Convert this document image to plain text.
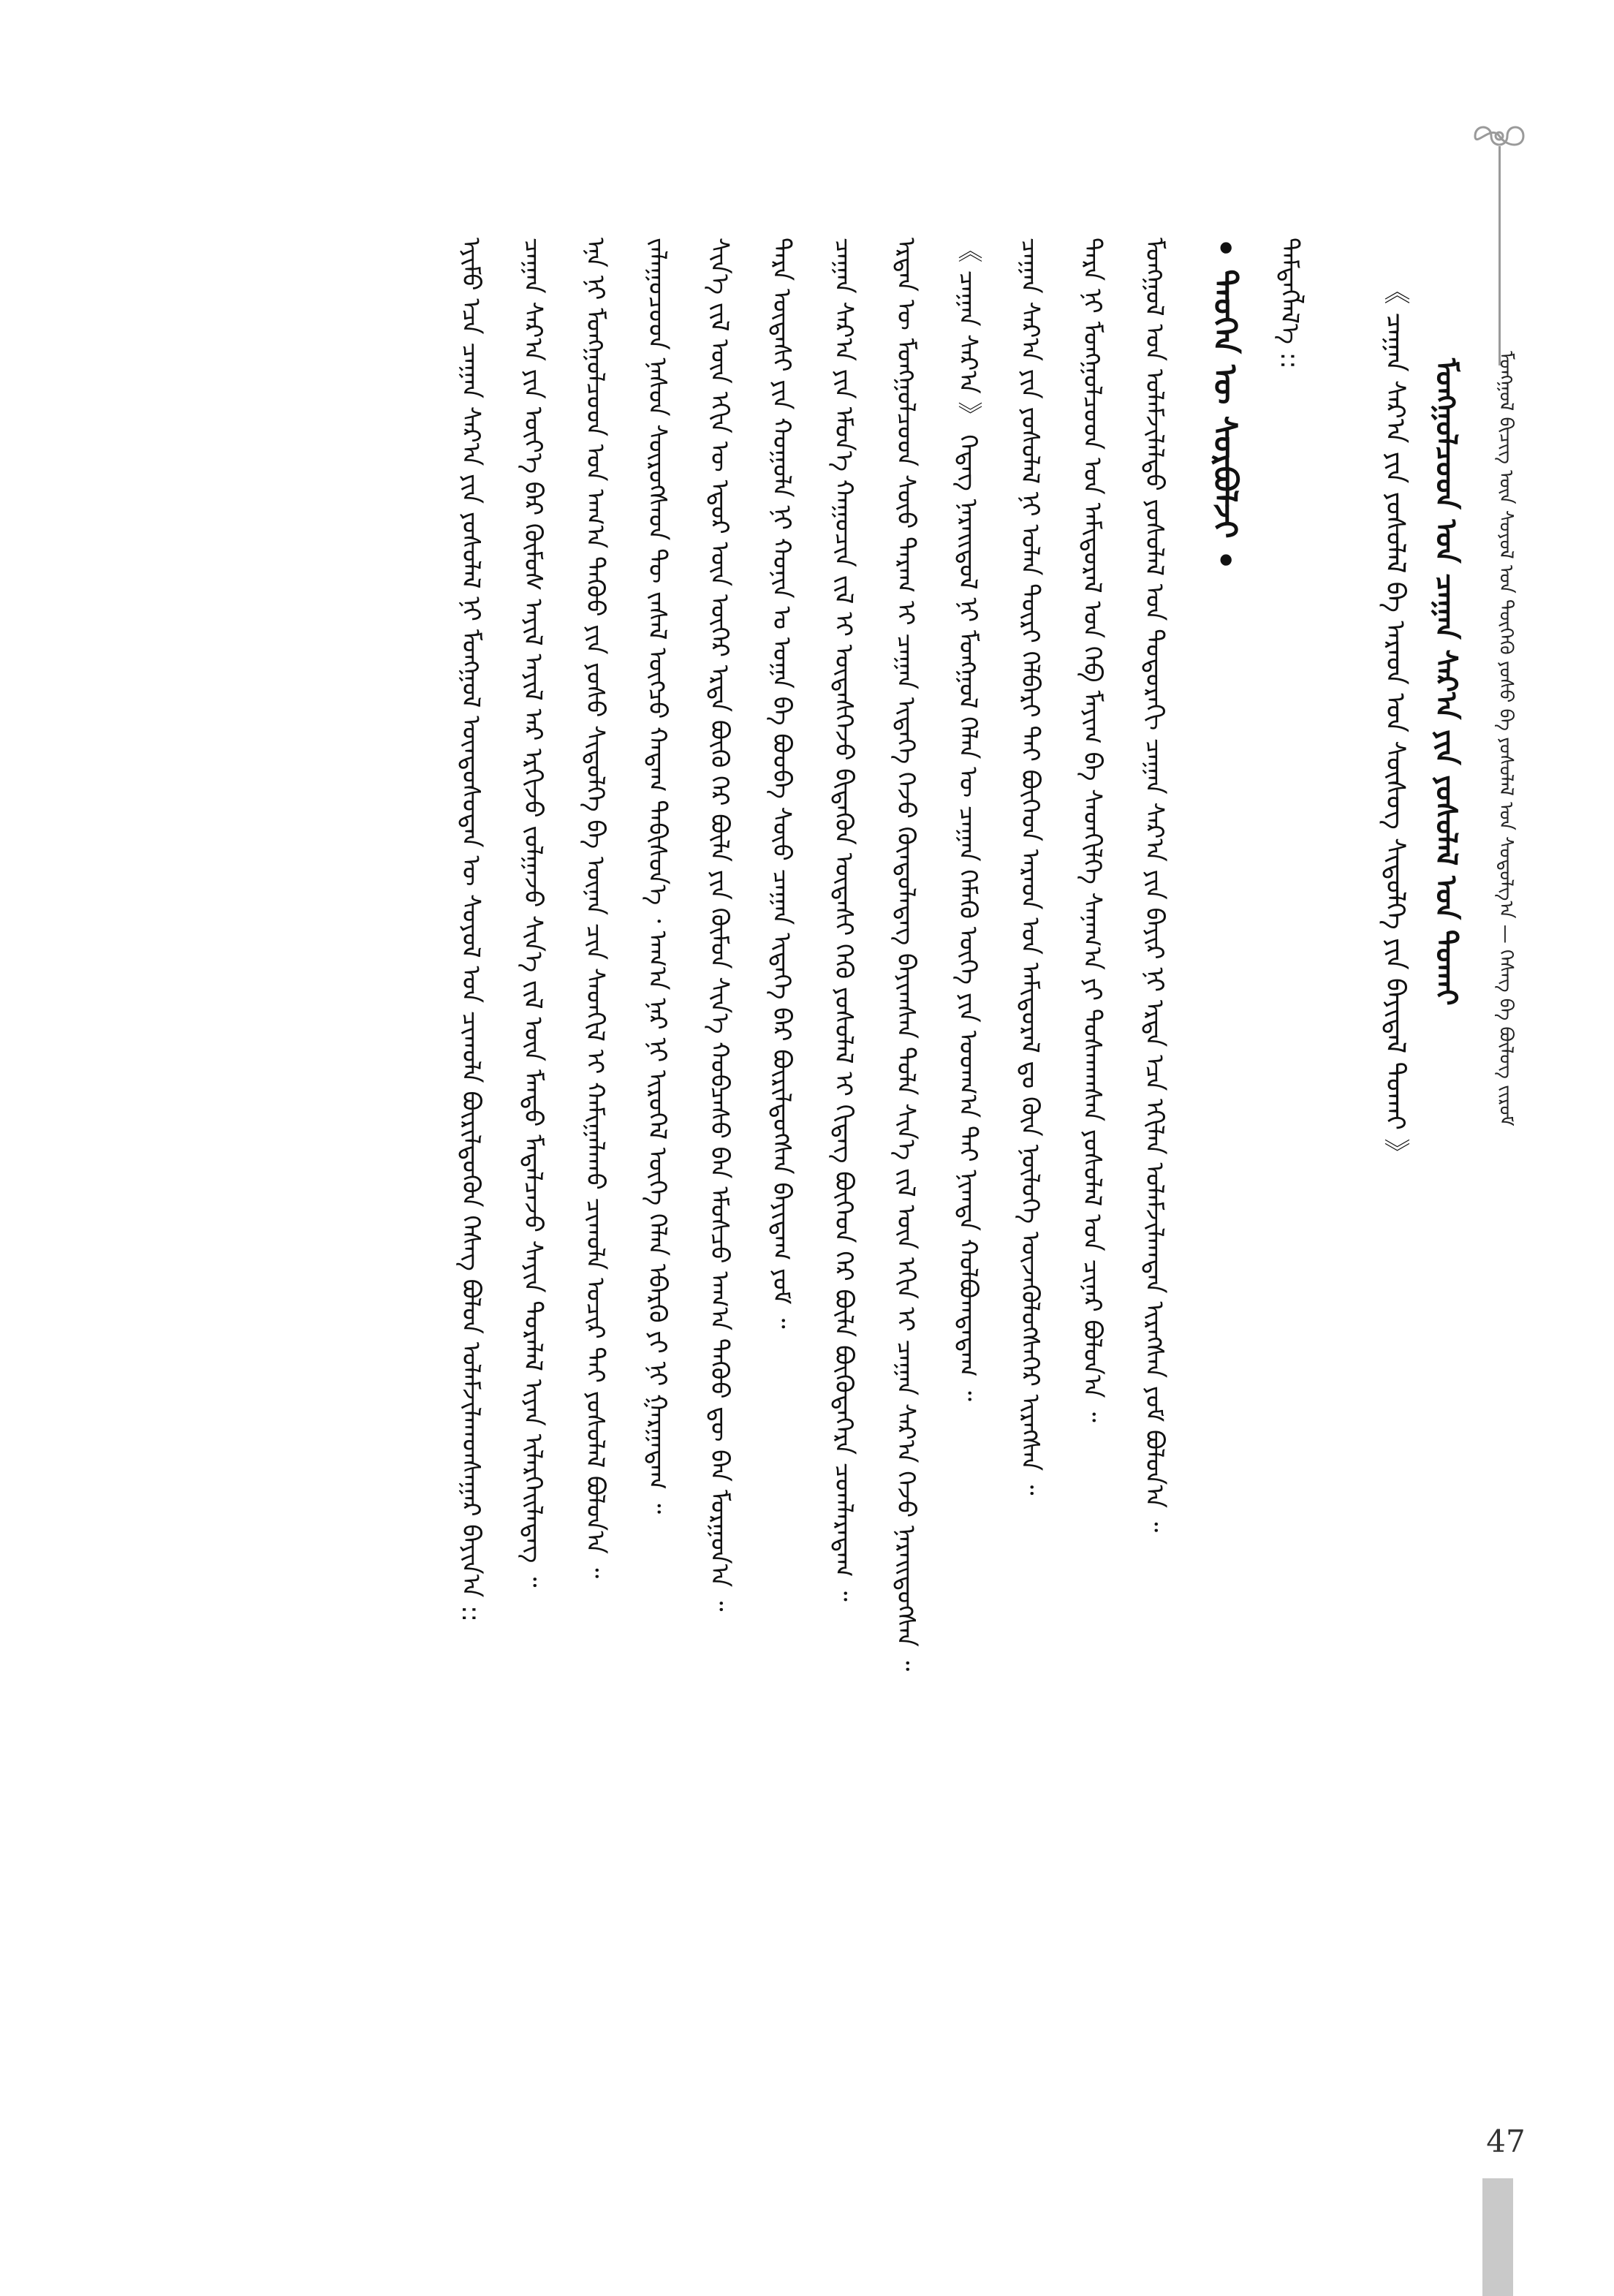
ᠮᠣᠩᠭᠣᠯ ᠪᠢᠴᠢᠭ᠌ ᠦᠨ ᠰᠣᠶᠣᠯ ᠤᠨ ᠲᠦᠭᠡᠬᠦ ᠶᠣᠰᠣ ᠪᠠ ᠶᠣᠰᠣᠯᠠᠯ ᠤᠨ ᠰᠤᠳᠤᠯᠭ᠎ᠠ — ᠬᠡᠰᠡᠭ ᠪᠠ ᠪᠦᠯᠦᠭ ᠵᠢᠷᠤᠮ
ᠮᠣᠩᠭᠣᠯᠴᠤᠳ ᠤᠨ ᠴᠠᠭᠠᠨ ᠰᠠᠷ᠎ᠠ ᠶᠢᠨ ᠶᠣᠰᠣᠯᠠᠯ ᠤᠨ ᠲᠤᠬᠠᠢ
《 ᠴᠠᠭᠠᠨ ᠰᠠᠷ᠎ᠠ ᠶᠢᠨ ᠶᠣᠰᠣᠯᠠᠯ ᠪᠠ ᠠᠷᠠᠳ ᠤᠨ ᠰᠦᠰᠦᠭ ᠰᠢᠲᠦᠯᠭᠡ ᠶᠢᠨ ᠪᠠᠶᠢᠳᠠᠯ ᠲᠤᠬᠠᠢ 》
ᠲᠡᠮᠳᠡᠭᠯᠡᠯ᠎ᠡ ::
• ᠲᠡᠦᠬᠡᠨ ᠦ ᠰᠤᠷᠪᠤᠯᠵᠢ •
ᠮᠣᠩᠭᠣᠯ ᠤᠨ ᠤᠯᠠᠮᠵᠢᠯᠠᠯᠳᠤ ᠶᠣᠰᠣᠯᠠᠯ ᠤᠨ ᠳᠣᠲᠣᠷᠠᠬᠢ ᠴᠠᠭᠠᠨ ᠰᠠᠷ᠎ᠠ ᠶᠢᠨ ᠪᠠᠶᠢᠷ ᠨᠢ ᠡᠷᠲᠡ ᠡᠴᠡ ᠡᠬᠢᠯᠡᠨ ᠤᠯᠠᠮᠵᠢᠯᠠᠭᠳᠠᠨ ᠢᠷᠡᠭᠰᠡᠨ ᠶᠤᠮ ᠪᠣᠯᠤᠨ᠎ᠠ ᠃
ᠲᠡᠷᠡ ᠨᠢ ᠮᠣᠩᠭᠣᠯᠴᠤᠳ ᠤᠨ ᠠᠮᠢᠳᠤᠷᠠᠯ ᠤᠨ ᠬᠡᠪ ᠮᠠᠶᠢᠭ ᠪᠠ ᠰᠡᠳᠬᠢᠯᠭᠡ ᠰᠠᠨᠠᠭ᠎ᠠ ᠶᠢ ᠲᠤᠰᠬᠠᠭᠰᠠᠨ ᠶᠣᠰᠣᠯᠠᠯ ᠤᠨ ᠴᠢᠨᠠᠷ ᠪᠣᠯᠤᠨ᠎ᠠ ᠃
ᠴᠠᠭᠠᠨ ᠰᠠᠷ᠎ᠠ ᠶᠢᠨ ᠶᠣᠰᠣᠯᠠᠯ ᠨᠢ ᠣᠯᠠᠨ ᠳᠦᠷᠢ ᠬᠡᠯᠪᠡᠷᠢ ᠲᠡᠢ ᠪᠥᠭᠡᠳ ᠠᠷᠠᠳ ᠤᠨ ᠠᠮᠢᠳᠤᠷᠠᠯ ᠳᠤ ᠭᠦᠨ ᠨᠥᠯᠦᠭᠡ ᠦᠵᠡᠭᠦᠯᠦᠭᠰᠡᠭᠡᠷ ᠢᠷᠡᠭᠰᠡᠨ ᠃
《 ᠴᠠᠭᠠᠨ ᠰᠠᠷ᠎ᠠ 》 ᠭᠡᠳᠡᠭ ᠨᠡᠷᠡᠢᠳᠦᠯ ᠨᠢ ᠮᠣᠩᠭᠣᠯ ᠬᠡᠯᠡᠨ ᠦ ᠴᠠᠭᠠᠨ ᠬᠡᠮᠡᠬᠦ ᠦᠭᠡ ᠶᠢᠨ ᠤᠳᠬ᠎ᠠ ᠲᠠᠢ ᠨᠢᠭᠲᠠ ᠬᠣᠯᠪᠣᠭᠳᠠᠳᠠᠭ ᠃
ᠡᠷᠲᠡᠨ ᠦ ᠮᠣᠩᠭᠣᠯᠴᠤᠳ ᠰᠦᠦ ᠲᠠᠷᠠᠭ ᠢ ᠴᠠᠭᠠᠨ ᠢᠳᠡᠭᠡ ᠭᠡᠵᠦ ᠬᠦᠨᠳᠦᠯᠡᠳᠡᠭ ᠪᠠᠶᠢᠭᠰᠠᠨ ᠲᠤᠯᠠ ᠰᠢᠨ᠎ᠡ ᠵᠢᠯ ᠦᠨ ᠡᠬᠢᠨ ᠢ ᠴᠠᠭᠠᠨ ᠰᠠᠷ᠎ᠠ ᠭᠡᠵᠦ ᠨᠡᠷᠡᠢᠳᠦᠭᠰᠡᠨ ᠃
ᠴᠠᠭᠠᠨ ᠰᠠᠷ᠎ᠠ ᠶᠢᠨ ᠡᠮᠦᠨ᠎ᠡ ᠬᠠᠭᠤᠴᠢᠨ ᠵᠢᠯ ᠢ ᠦᠳᠡᠰᠬᠡᠵᠦ ᠪᠢᠳᠡᠭᠦᠨ ᠦᠳᠡᠰᠢ ᠭᠡᠬᠦ ᠶᠣᠰᠣᠯᠠᠯ ᠢ ᠬᠢᠳᠡᠭ ᠪᠥᠭᠡᠳ ᠭᠡᠷ ᠪᠦᠯᠡ ᠪᠦᠭᠦᠳᠡᠭᠡᠷᠡ ᠴᠤᠭᠯᠠᠷᠠᠳᠠᠭ ᠃
ᠲᠡᠷᠡ ᠦᠳᠡᠰᠢ ᠶᠢᠨ ᠬᠣᠭᠣᠯᠠ ᠨᠢ ᠬᠣᠨᠢᠨ ᠤ ᠤᠭᠠ ᠪᠠ ᠪᠣᠣᠪᠠ ᠰᠦᠦ ᠴᠠᠭᠠᠨ ᠢᠳᠡᠭᠡ ᠪᠡᠷ ᠪᠦᠷᠢᠯᠳᠦᠭᠰᠡᠨ ᠪᠠᠶᠢᠳᠠᠭ ᠶᠤᠮ ᠃
ᠰᠢᠨ᠎ᠡ ᠵᠢᠯ ᠦᠨ ᠡᠬᠢᠨ ᠦ ᠡᠳᠦᠷ ᠦᠨ ᠦᠭᠡᠷ ᠡᠷᠲᠡ ᠪᠦᠬᠦ ᠭᠡᠷ ᠪᠦᠯᠡ ᠶᠢᠨ ᠬᠦᠮᠦᠨ ᠰᠢᠨ᠎ᠡ ᠬᠤᠪᠴᠠᠰᠤ ᠪᠡᠨ ᠡᠮᠦᠰᠴᠦ ᠠᠬ᠎ᠠ ᠳᠡᠭᠦᠦ ᠳᠦ ᠪᠡᠨ ᠮᠣᠷᠭᠣᠨ᠎ᠠ ᠃
ᠵᠠᠯᠠᠭᠤᠴᠤᠳ ᠨᠠᠰᠤᠨ ᠰᠦᠷᠦᠭᠰᠡᠳ ᠲᠦ ᠵᠠᠰᠠᠯ ᠦᠭᠴᠦ ᠬᠠᠳᠠᠭ ᠳᠡᠪᠢᠰᠦᠨ᠎ᠡ ᠂ ᠠᠬ᠎ᠠ ᠨᠠᠷ ᠨᠢ ᠢᠷᠥᠭᠡᠯ ᠦᠭᠡ ᠬᠡᠯᠡᠨ ᠡᠪᠡᠷᠬᠦ ᠶᠢ ᠨᠢ ᠭᠠᠷᠭᠠᠳᠠᠭ ᠃
ᠡᠨᠡ ᠨᠢ ᠮᠣᠩᠭᠣᠯᠴᠤᠳ ᠤᠨ ᠠᠬ᠎ᠠ ᠳᠡᠭᠦᠦ ᠶᠢᠨ ᠶᠣᠰᠣ ᠰᠢᠲᠦᠯᠭᠡ ᠪᠠ ᠦᠨᠡᠨ ᠴᠢᠨ ᠰᠡᠳᠬᠢᠯ ᠢ ᠬᠠᠮᠢᠭᠠᠯᠠᠬᠤ ᠴᠢᠬᠤᠯᠠ ᠤᠴᠢᠷ ᠲᠠᠢ ᠶᠣᠰᠣᠯᠠᠯ ᠪᠣᠯᠤᠨ᠎ᠠ ᠃
ᠴᠠᠭᠠᠨ ᠰᠠᠷ᠎ᠠ ᠶᠢᠨ ᠦᠶ᠎ᠡ ᠪᠡᠷ ᠬᠦᠮᠦᠰ ᠠᠶᠢᠯ ᠠᠶᠢᠯ ᠠᠷ ᠡᠷᠭᠢᠵᠦ ᠵᠣᠯᠭᠠᠵᠤ ᠰᠢᠨ᠎ᠡ ᠵᠢᠯ ᠦᠨ ᠮᠡᠨᠳᠦ ᠮᠡᠳᠡᠯᠴᠡᠵᠦ ᠰᠠᠶᠢᠨ ᠳᠤᠷᠠᠯᠠᠯ ᠢᠶᠡᠨ ᠢᠯᠡᠷᠬᠡᠢᠯᠡᠳᠡᠭ ᠃
ᠡᠶᠢᠮᠦ ᠡᠴᠡ ᠴᠠᠭᠠᠨ ᠰᠠᠷ᠎ᠠ ᠶᠢᠨ ᠶᠣᠰᠣᠯᠠᠯ ᠨᠢ ᠮᠣᠩᠭᠣᠯ ᠦᠨᠳᠦᠰᠦᠲᠡᠨ ᠦ ᠰᠣᠶᠣᠯ ᠤᠨ ᠴᠢᠬᠤᠯᠠ ᠪᠦᠷᠢᠯᠳᠦᠬᠦᠨ ᠬᠡᠰᠡᠭ ᠪᠣᠯᠤᠨ ᠤᠯᠠᠮᠵᠢᠯᠠᠭᠳᠰᠠᠭᠠᠷ ᠪᠠᠶᠢᠨ᠎ᠠ ::
47
